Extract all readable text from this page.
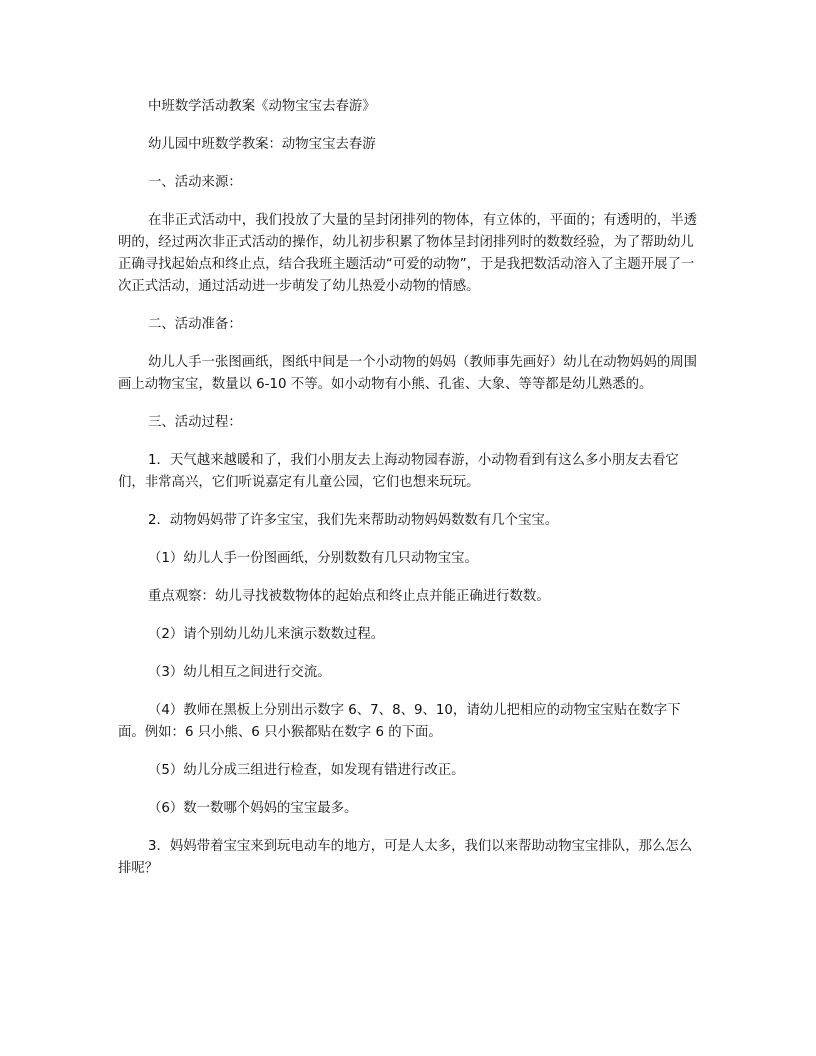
中班数学活动教案《动物宝宝去春游》

幼儿园中班数学教案：动物宝宝去春游

一、活动来源：

在非正式活动中，我们投放了大量的呈封闭排列的物体，有立体的，平面的；有透明的，半透明的，经过两次非正式活动的操作，幼儿初步积累了物体呈封闭排列时的数数经验，为了帮助幼儿正确寻找起始点和终止点，结合我班主题活动“可爱的动物”，于是我把数活动溶入了主题开展了一次正式活动，通过活动进一步萌发了幼儿热爱小动物的情感。

二、活动准备：

幼儿人手一张图画纸，图纸中间是一个小动物的妈妈（教师事先画好）幼儿在动物妈妈的周围画上动物宝宝，数量以 6-10 不等。如小动物有小熊、孔雀、大象、等等都是幼儿熟悉的。

三、活动过程：

1．天气越来越暖和了，我们小朋友去上海动物园春游，小动物看到有这么多小朋友去看它们，非常高兴，它们听说嘉定有儿童公园，它们也想来玩玩。

2．动物妈妈带了许多宝宝，我们先来帮助动物妈妈数数有几个宝宝。

（1）幼儿人手一份图画纸，分别数数有几只动物宝宝。

重点观察：幼儿寻找被数物体的起始点和终止点并能正确进行数数。

（2）请个别幼儿幼儿来演示数数过程。

（3）幼儿相互之间进行交流。

（4）教师在黑板上分别出示数字 6、7、8、9、10，请幼儿把相应的动物宝宝贴在数字下面。例如：6 只小熊、6 只小猴都贴在数字 6 的下面。

（5）幼儿分成三组进行检查，如发现有错进行改正。

（6）数一数哪个妈妈的宝宝最多。

3．妈妈带着宝宝来到玩电动车的地方，可是人太多，我们以来帮助动物宝宝排队，那么怎么排呢？
